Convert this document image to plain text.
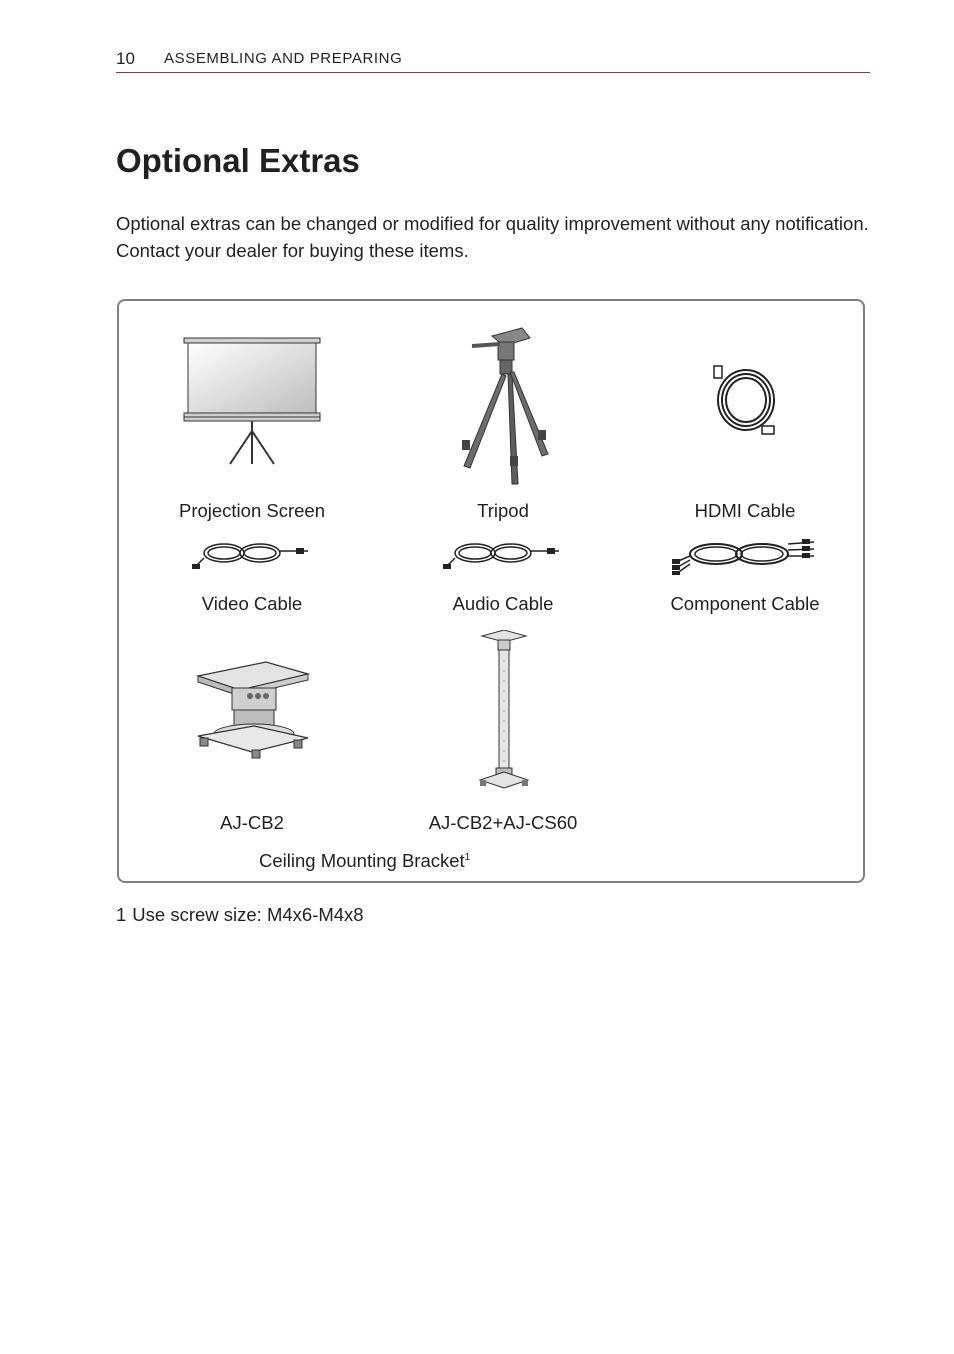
10 ASSEMBLING AND PREPARING
Optional Extras

Optional extras can be changed or modified for quality improvement without any notification.

Contact your dealer for buying these items.

Projection Screen	Tripod	HDMI Cable
Video Cable	Audio Cable	Component Cable
AJ-CB2	AJ-CB2+AJ-CS60
Ceiling Mounting Bracket$^1$
1 Use screw size: M4x6-M4x8
